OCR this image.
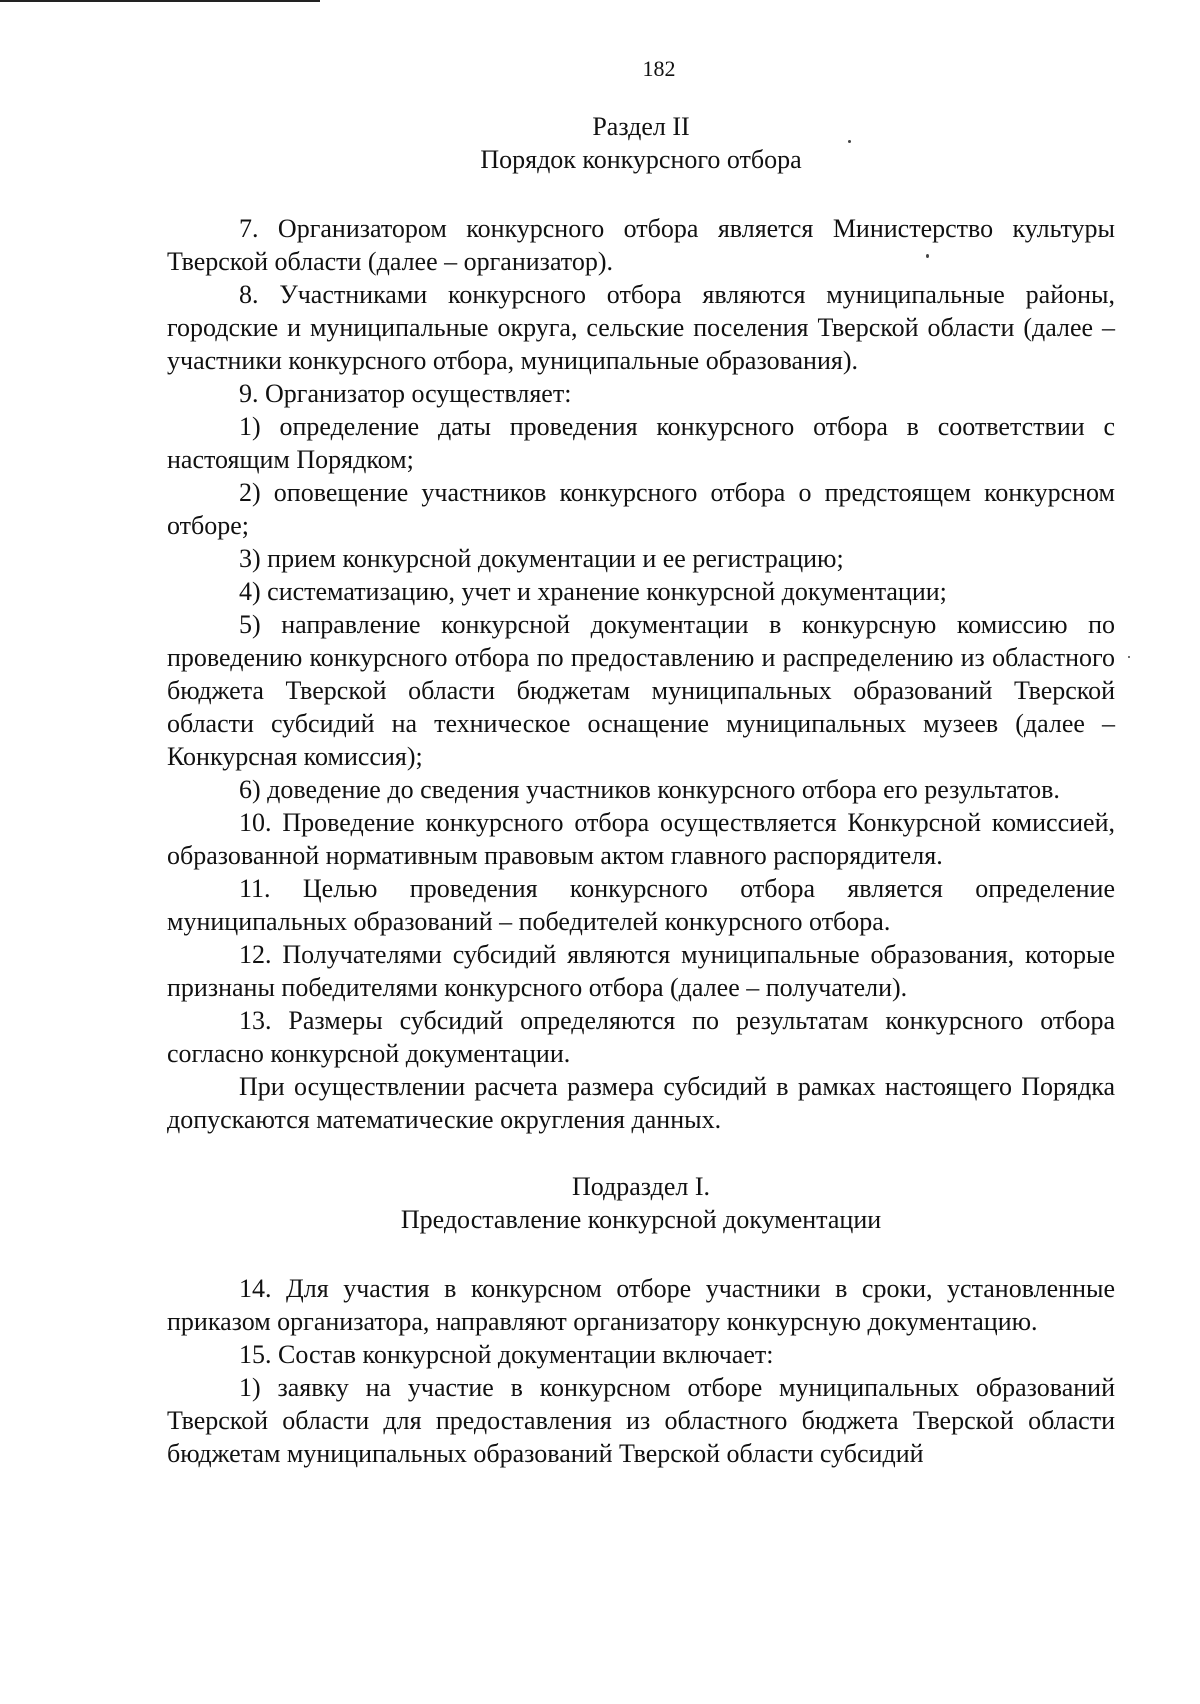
182

Раздел II

Порядок конкурсного отбора

7. Организатором конкурсного отбора является Министерство культуры Тверской области (далее – организатор).

8. Участниками конкурсного отбора являются муниципальные районы, городские и муниципальные округа, сельские поселения Тверской области (далее – участники конкурсного отбора, муниципальные образования).

9. Организатор осуществляет:

1) определение даты проведения конкурсного отбора в соответствии с настоящим Порядком;

2) оповещение участников конкурсного отбора о предстоящем конкурсном отборе;

3) прием конкурсной документации и ее регистрацию;

4) систематизацию, учет и хранение конкурсной документации;

5) направление конкурсной документации в конкурсную комиссию по проведению конкурсного отбора по предоставлению и распределению из областного бюджета Тверской области бюджетам муниципальных образований Тверской области субсидий на техническое оснащение муниципальных музеев (далее – Конкурсная комиссия);

6) доведение до сведения участников конкурсного отбора его результатов.

10. Проведение конкурсного отбора осуществляется Конкурсной комиссией, образованной нормативным правовым актом главного распорядителя.

11. Целью проведения конкурсного отбора является определение муниципальных образований – победителей конкурсного отбора.

12. Получателями субсидий являются муниципальные образования, которые признаны победителями конкурсного отбора (далее – получатели).

13. Размеры субсидий определяются по результатам конкурсного отбора согласно конкурсной документации.

При осуществлении расчета размера субсидий в рамках настоящего Порядка допускаются математические округления данных.

Подраздел I.

Предоставление конкурсной документации

14. Для участия в конкурсном отборе участники в сроки, установленные приказом организатора, направляют организатору конкурсную документацию.

15. Состав конкурсной документации включает:

1) заявку на участие в конкурсном отборе муниципальных образований Тверской области для предоставления из областного бюджета Тверской области бюджетам муниципальных образований Тверской области субсидий
